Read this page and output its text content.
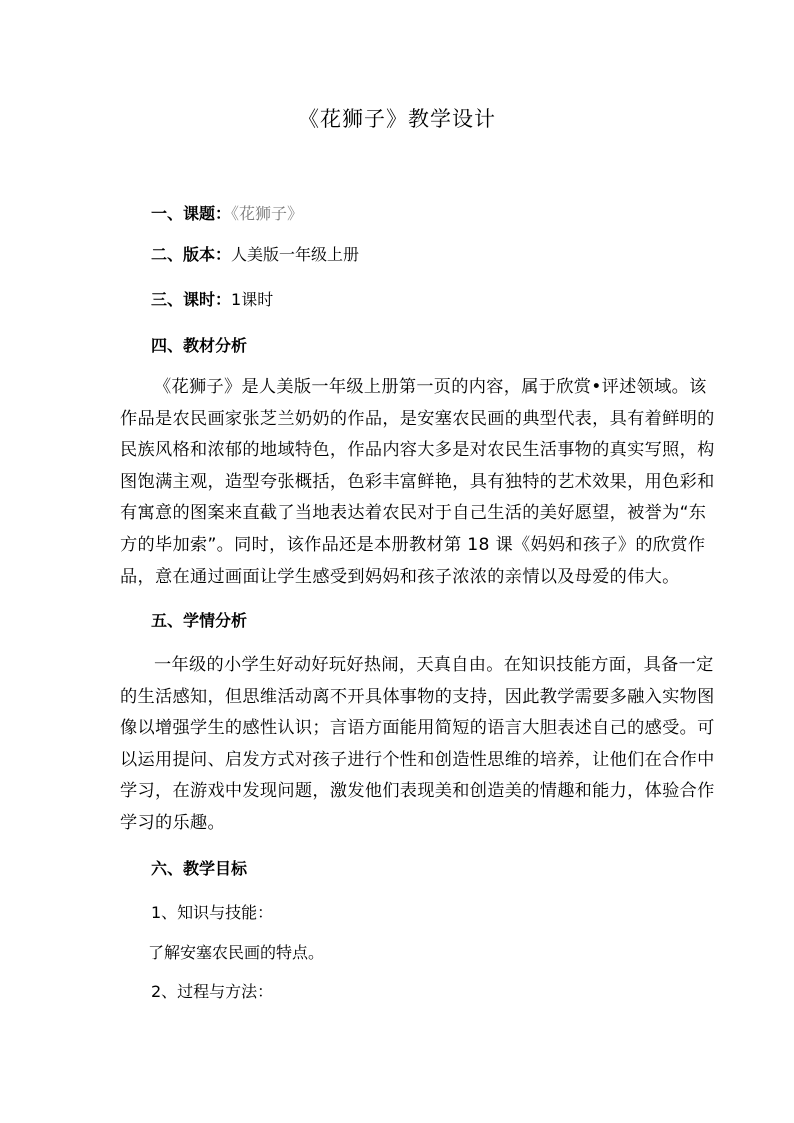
《花狮子》教学设计
一、课题：《花狮子》
二、版本：人美版一年级上册
三、课时：1课时
四、教材分析
《花狮子》是人美版一年级上册第一页的内容，属于欣赏•评述领域。该
作品是农民画家张芝兰奶奶的作品，是安塞农民画的典型代表，具有着鲜明的
民族风格和浓郁的地域特色，作品内容大多是对农民生活事物的真实写照，构
图饱满主观，造型夸张概括，色彩丰富鲜艳，具有独特的艺术效果，用色彩和
有寓意的图案来直截了当地表达着农民对于自己生活的美好愿望，被誉为“东
方的毕加索”。同时，该作品还是本册教材第 18 课《妈妈和孩子》的欣赏作
品，意在通过画面让学生感受到妈妈和孩子浓浓的亲情以及母爱的伟大。
五、学情分析
一年级的小学生好动好玩好热闹，天真自由。在知识技能方面，具备一定
的生活感知，但思维活动离不开具体事物的支持，因此教学需要多融入实物图
像以增强学生的感性认识；言语方面能用简短的语言大胆表述自己的感受。可
以运用提问、启发方式对孩子进行个性和创造性思维的培养，让他们在合作中
学习，在游戏中发现问题，激发他们表现美和创造美的情趣和能力，体验合作
学习的乐趣。
六、教学目标
1、知识与技能：
了解安塞农民画的特点。
2、过程与方法：
